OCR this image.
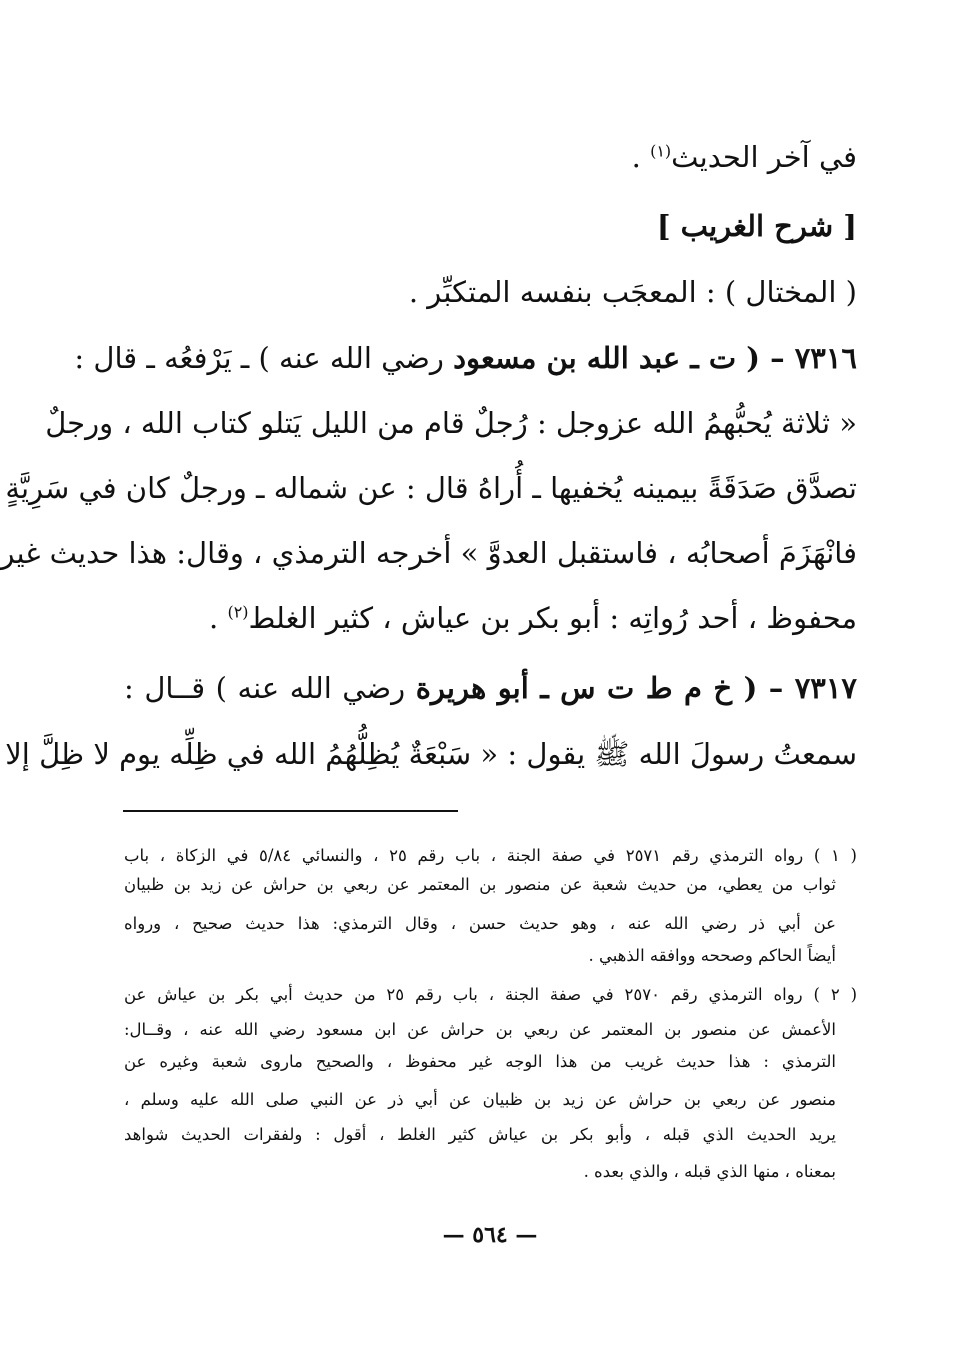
في آخر الحديث$^{(١)}$ .
[ شرح الغريب ]
( المختال ) : المعجَب بنفسه المتكبِّر .
٧٣١٦ – ( ت ـ عبد الله بن مسعود رضي الله عنه ) ـ يَرْفعُه ـ قال :
« ثلاثة يُحبُّهمُ الله عزوجل : رُجلٌ قام من الليل يَتلو كتاب الله ، ورجلٌ
تصدَّق صَدَقَةً بيمينه يُخفيها ـ أُراهُ قال : عن شماله ـ ورجلٌ كان في سَرِيَّةٍ
فانْهَزَمَ أصحابُه ، فاستقبل العدوَّ » أخرجه الترمذي ، وقال: هذا حديث غير
محفوظ ، أحد رُواتِه : أبو بكر بن عياش ، كثير الغلط$^{(٢)}$ .
٧٣١٧ – ( خ م ط ت س ـ أبو هريرة رضي الله عنه ) قــال :
سمعتُ رسولَ الله ﷺ يقول : « سَبْعَةٌ يُظِلُّهُمُ الله في ظِلِّه يوم لا ظِلَّ إلا
( ١ ) رواه الترمذي رقم ٢٥٧١ في صفة الجنة ، باب رقم ٢٥ ، والنسائي ٥/٨٤ في الزكاة ، باب
ثواب من يعطي، من حديث شعبة عن منصور بن المعتمر عن ربعي بن حراش عن زيد بن ظبيان
عن أبي ذر رضي الله عنه ، وهو حديث حسن ، وقال الترمذي: هذا حديث صحيح ، ورواه
أيضاً الحاكم وصححه ووافقه الذهبي .
( ٢ ) رواه الترمذي رقم ٢٥٧٠ في صفة الجنة ، باب رقم ٢٥ من حديث أبي بكر بن عياش عن
الأعمش عن منصور بن المعتمر عن ربعي بن حراش عن ابن مسعود رضي الله عنه ، وقــال:
الترمذي : هذا حديث غريب من هذا الوجه غير محفوظ ، والصحيح ماروى شعبة وغيره عن
منصور عن ربعي بن حراش عن زيد بن ظبيان عن أبي ذر عن النبي صلى الله عليه وسلم ،
يريد الحديث الذي قبله ، وأبو بكر بن عياش كثير الغلط ، أقول : ولفقرات الحديث شواهد
بمعناه ، منها الذي قبله ، والذي بعده .
— ٥٦٤ —
